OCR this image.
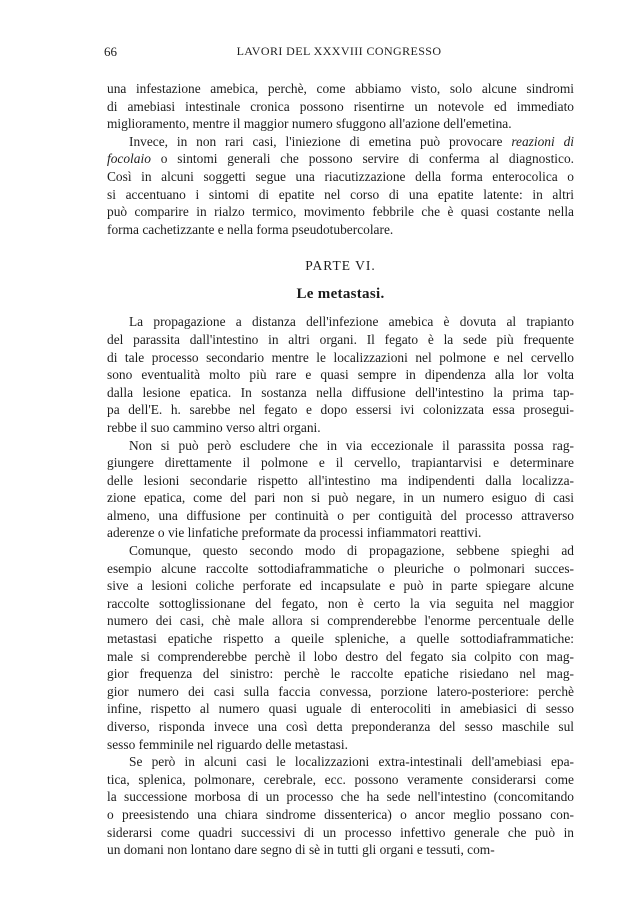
66	LAVORI DEL XXXVIII CONGRESSO
una infestazione amebica, perchè, come abbiamo visto, solo alcune sindromi
di amebiasi intestinale cronica possono risentirne un notevole ed immediato
miglioramento, mentre il maggior numero sfuggono all'azione dell'emetina.
Invece, in non rari casi, l'iniezione di emetina può provocare reazioni di
focolaio o sintomi generali che possono servire di conferma al diagnostico.
Così in alcuni soggetti segue una riacutizzazione della forma enterocolica o
si accentuano i sintomi di epatite nel corso di una epatite latente: in altri
può comparire in rialzo termico, movimento febbrile che è quasi costante nella
forma cachetizzante e nella forma pseudotubercolare.
PARTE VI.
Le metastasi.
La propagazione a distanza dell'infezione amebica è dovuta al trapianto
del parassita dall'intestino in altri organi. Il fegato è la sede più frequente
di tale processo secondario mentre le localizzazioni nel polmone e nel cervello
sono eventualità molto più rare e quasi sempre in dipendenza alla lor volta
dalla lesione epatica. In sostanza nella diffusione dell'intestino la prima tap-
pa dell'E. h. sarebbe nel fegato e dopo essersi ivi colonizzata essa prosegui-
rebbe il suo cammino verso altri organi.
Non si può però escludere che in via eccezionale il parassita possa rag-
giungere direttamente il polmone e il cervello, trapiantarvisi e determinare
delle lesioni secondarie rispetto all'intestino ma indipendenti dalla localizza-
zione epatica, come del pari non si può negare, in un numero esiguo di casi
almeno, una diffusione per continuità o per contiguità del processo attraverso
aderenze o vie linfatiche preformate da processi infiammatori reattivi.
Comunque, questo secondo modo di propagazione, sebbene spieghi ad
esempio alcune raccolte sottodiaframmatiche o pleuriche o polmonari succes-
sive a lesioni coliche perforate ed incapsulate e può in parte spiegare alcune
raccolte sottoglissionane del fegato, non è certo la via seguita nel maggior
numero dei casi, chè male allora si comprenderebbe l'enorme percentuale delle
metastasi epatiche rispetto a queile spleniche, a quelle sottodiaframmatiche:
male si comprenderebbe perchè il lobo destro del fegato sia colpito con mag-
gior frequenza del sinistro: perchè le raccolte epatiche risiedano nel mag-
gior numero dei casi sulla faccia convessa, porzione latero-posteriore: perchè
infine, rispetto al numero quasi uguale di enterocoliti in amebiasici di sesso
diverso, risponda invece una così detta preponderanza del sesso maschile sul
sesso femminile nel riguardo delle metastasi.
Se però in alcuni casi le localizzazioni extra-intestinali dell'amebiasi epa-
tica, splenica, polmonare, cerebrale, ecc. possono veramente considerarsi come
la successione morbosa di un processo che ha sede nell'intestino (concomitando
o preesistendo una chiara sindrome dissenterica) o ancor meglio possano con-
siderarsi come quadri successivi di un processo infettivo generale che può in
un domani non lontano dare segno di sè in tutti gli organi e tessuti, com-
